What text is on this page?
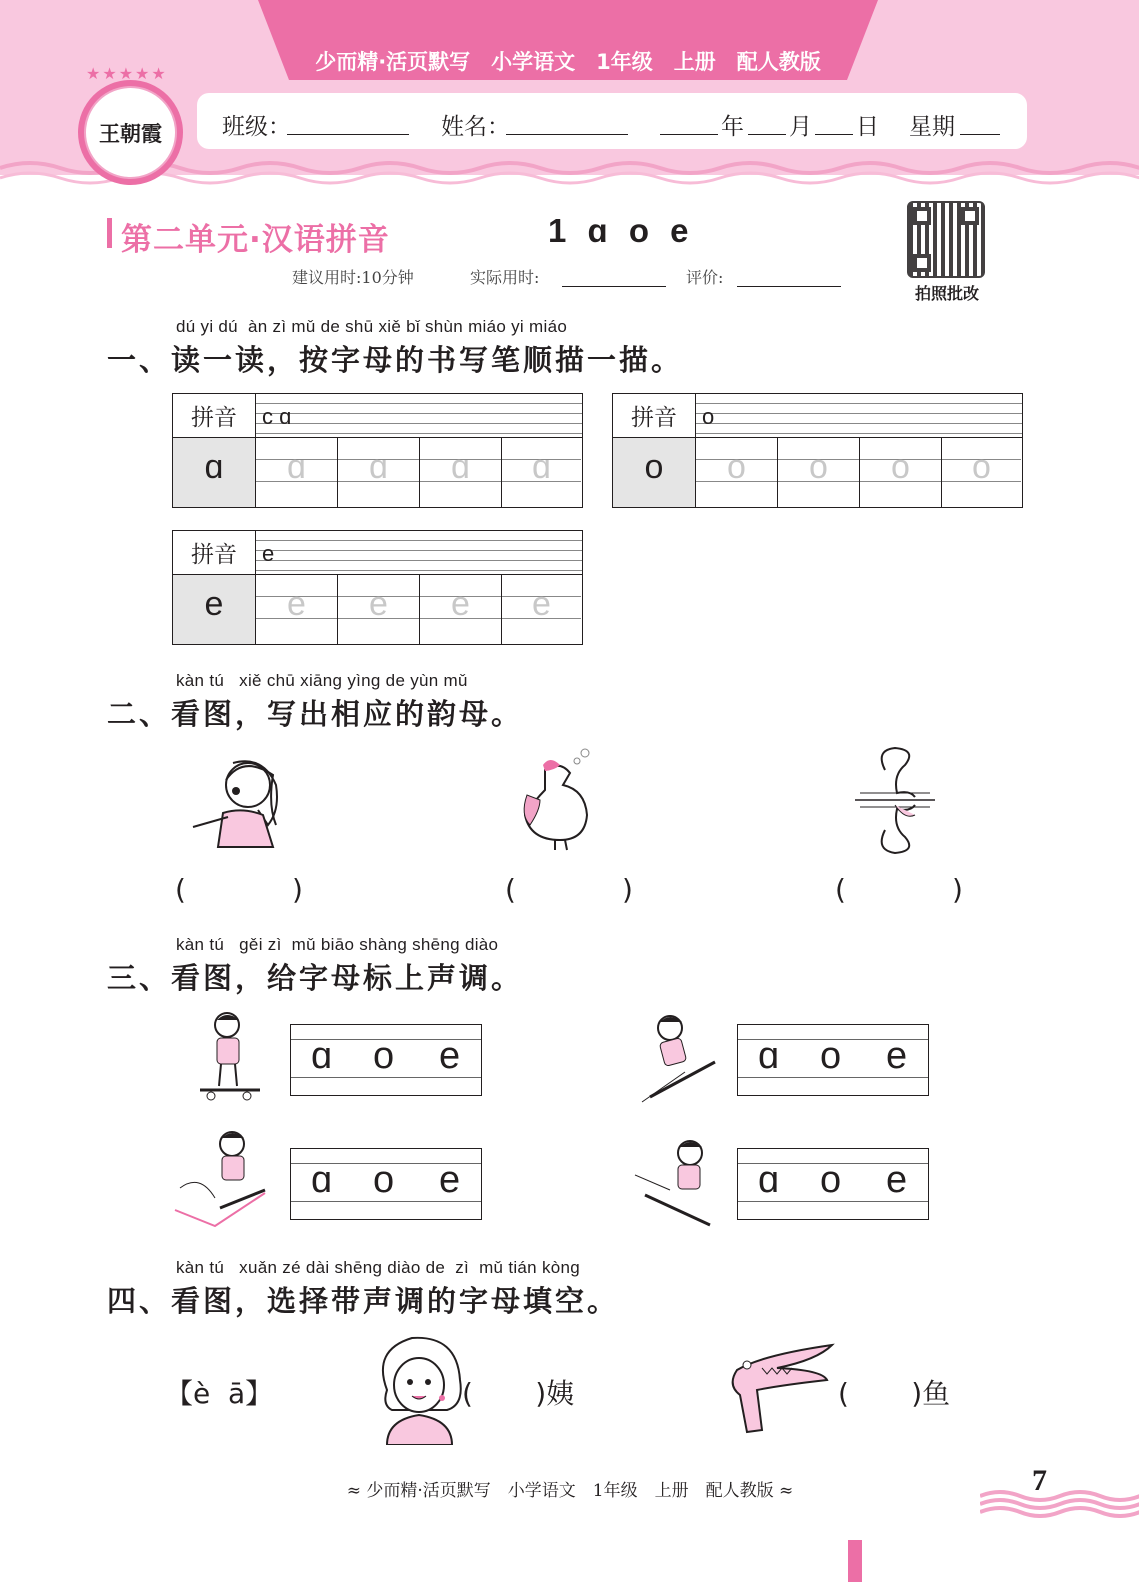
少而精·活页默写　小学语文　1年级　上册　配人教版
班级：	姓名：	年 月 日 星期
王朝霞
★★★★★
第二单元·汉语拼音	1 ɑ o e
建议用时:10分钟	实际用时:	评价:
拍照批改
dú yi dú  àn zì mǔ de shū xiě bǐ shùn miáo yi miáo
一、读一读，按字母的书写笔顺描一描。
拼音	c ɑ
ɑ	ɑ	ɑ	ɑ	ɑ
拼音	o
o	o	o	o	o
拼音	e
e	e	e	e	e
kàn tú   xiě chū xiāng yìng de yùn mǔ
二、看图，写出相应的韵母。
(	)	(	)	(	)
kàn tú   gěi zì  mǔ biāo shàng shēng diào
三、看图，给字母标上声调。
ɑ o e	ɑ o e
ɑ o e	ɑ o e
kàn tú   xuǎn zé dài shēng diào de  zì  mǔ tián kòng
四、看图，选择带声调的字母填空。
【è  ā】	(       )姨	(       )鱼
≈ 少而精·活页默写　小学语文　1年级　上册　配人教版 ≈	7
